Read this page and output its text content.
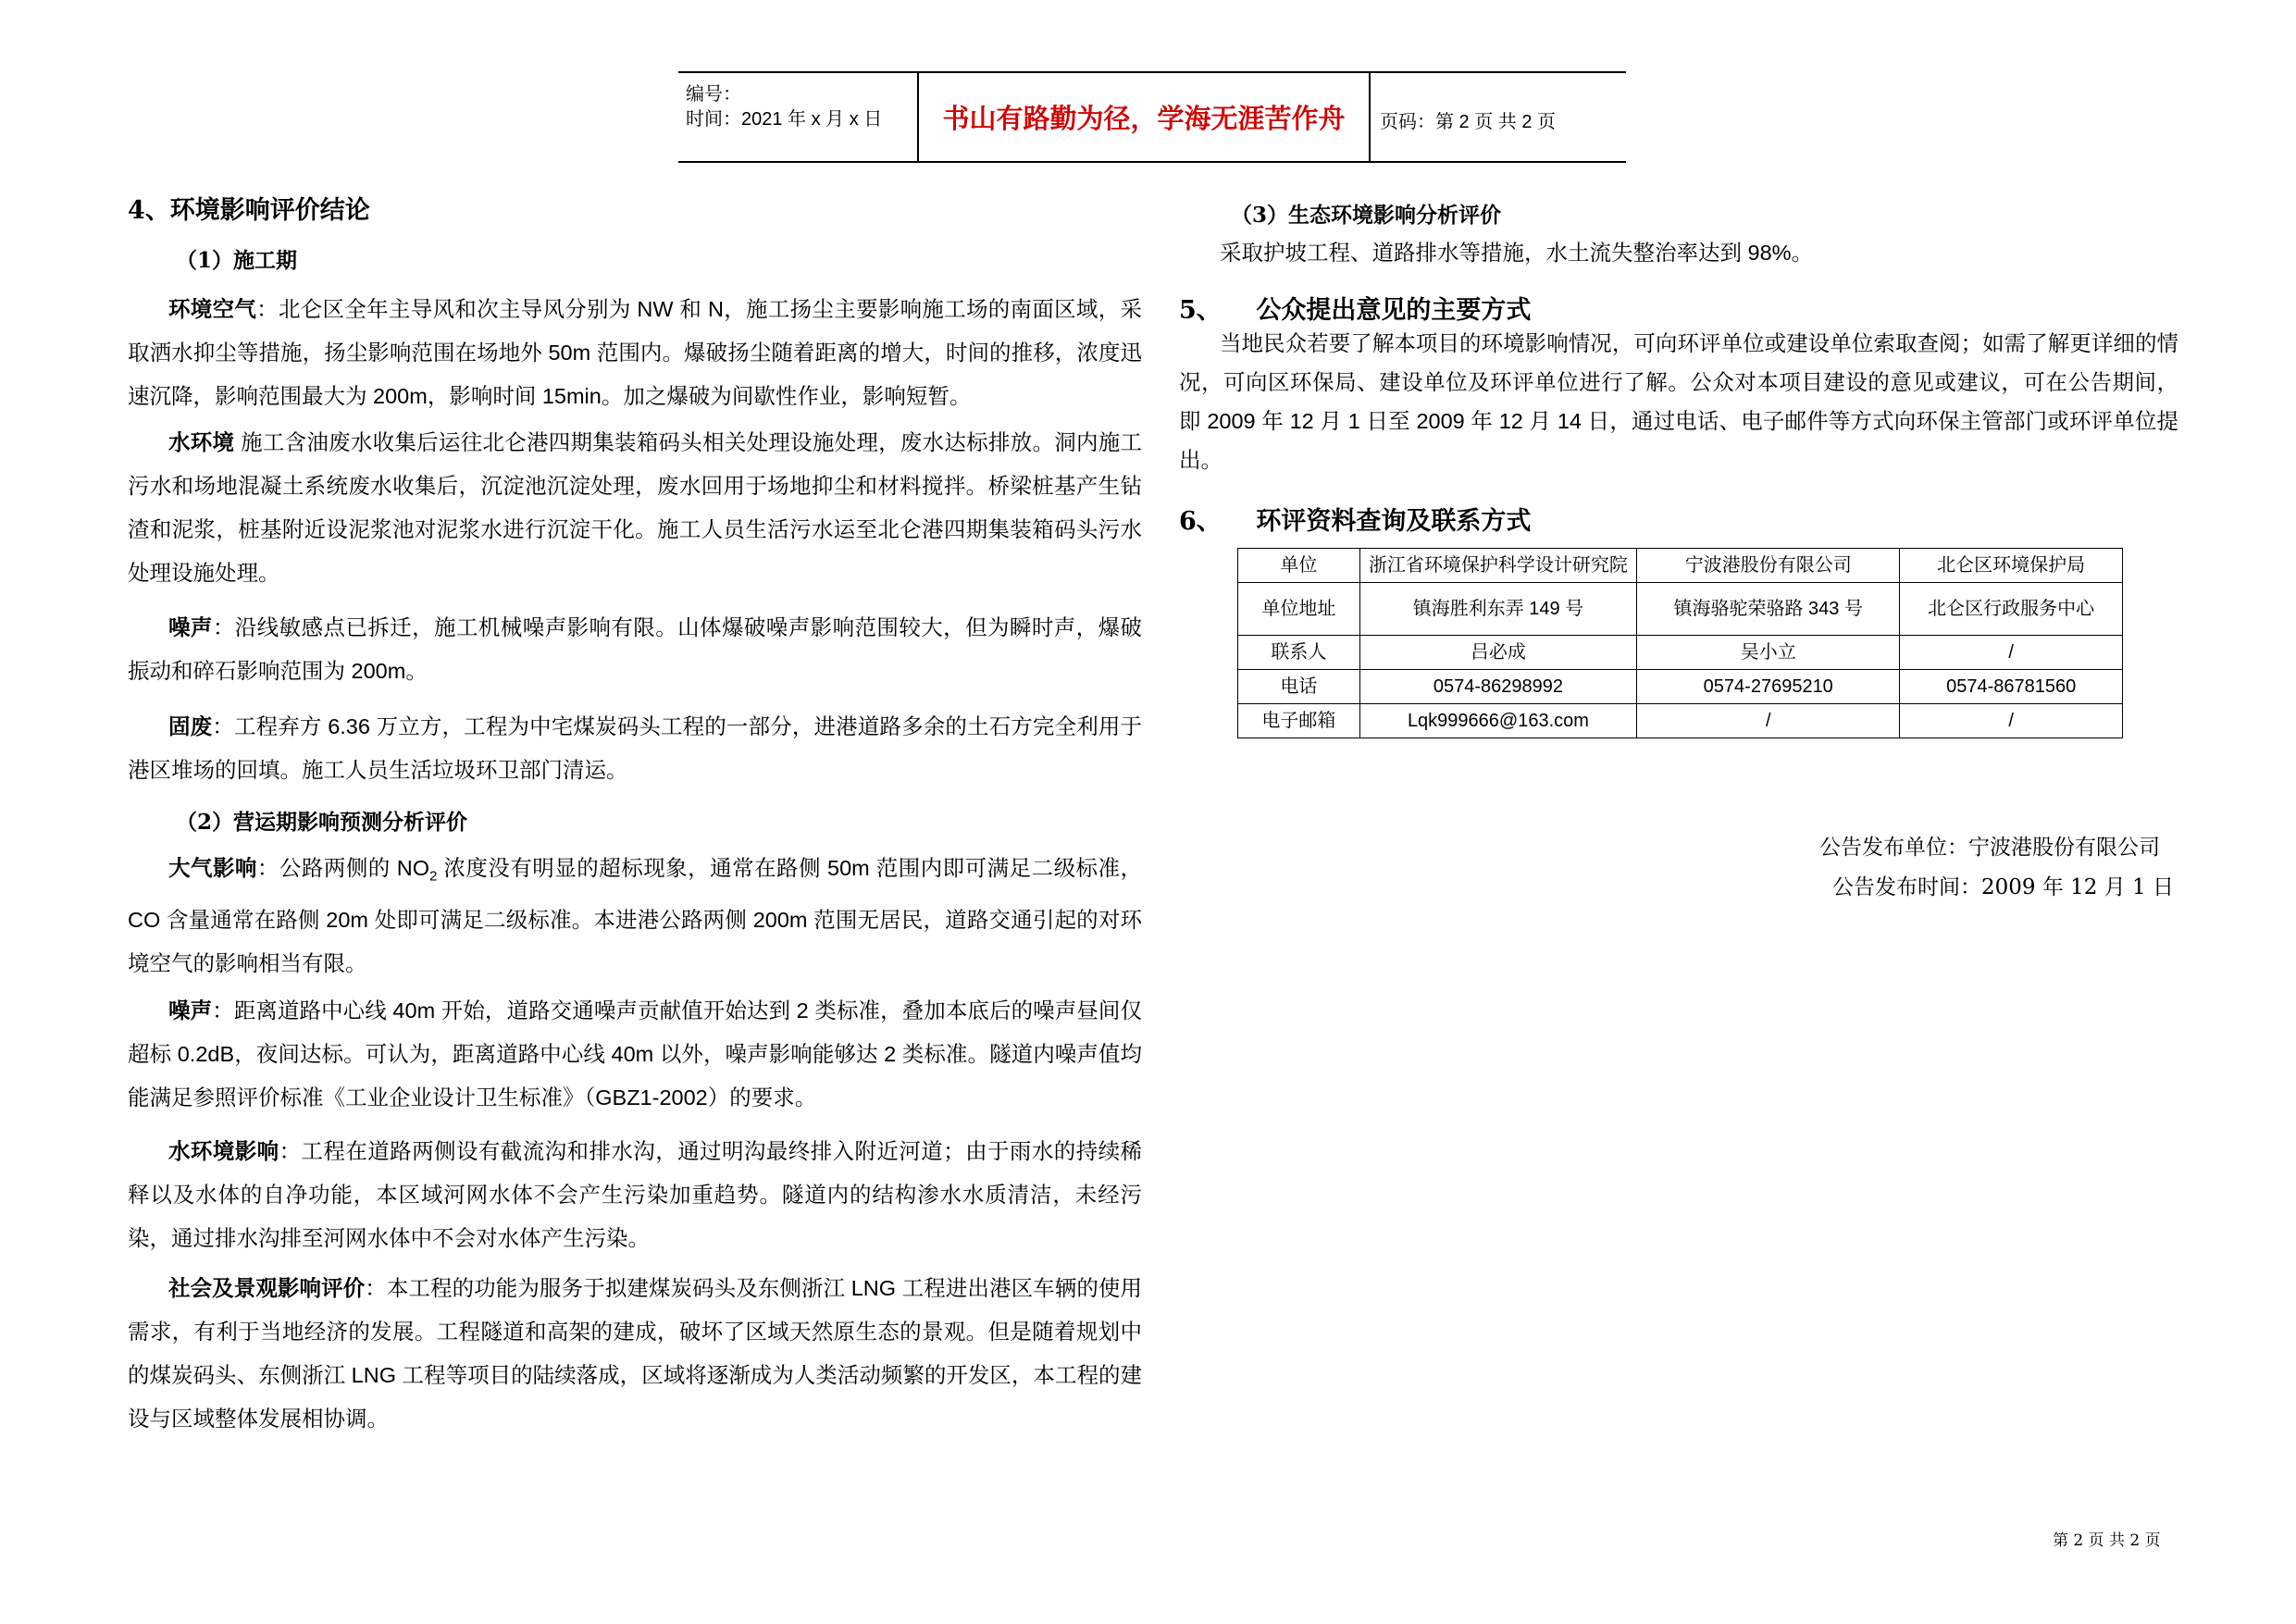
编号：
时间：2021 年 x 月 x 日	书山有路勤为径，学海无涯苦作舟	页码：第 2 页 共 2 页
4、环境影响评价结论
（1）施工期
环境空气：北仑区全年主导风和次主导风分别为 NW 和 N，施工扬尘主要影响施工场的南面区域，采取洒水抑尘等措施，扬尘影响范围在场地外 50m 范围内。爆破扬尘随着距离的增大，时间的推移，浓度迅速沉降，影响范围最大为 200m，影响时间 15min。加之爆破为间歇性作业，影响短暂。
水环境 施工含油废水收集后运往北仑港四期集装箱码头相关处理设施处理，废水达标排放。洞内施工污水和场地混凝土系统废水收集后，沉淀池沉淀处理，废水回用于场地抑尘和材料搅拌。桥梁桩基产生钻渣和泥浆，桩基附近设泥浆池对泥浆水进行沉淀干化。施工人员生活污水运至北仑港四期集装箱码头污水处理设施处理。
噪声：沿线敏感点已拆迁，施工机械噪声影响有限。山体爆破噪声影响范围较大，但为瞬时声，爆破振动和碎石影响范围为 200m。
固废：工程弃方 6.36 万立方，工程为中宅煤炭码头工程的一部分，进港道路多余的土石方完全利用于港区堆场的回填。施工人员生活垃圾环卫部门清运。
（2）营运期影响预测分析评价
大气影响：公路两侧的 $NO_2$ 浓度没有明显的超标现象，通常在路侧 50m 范围内即可满足二级标准，CO 含量通常在路侧 20m 处即可满足二级标准。本进港公路两侧 200m 范围无居民，道路交通引起的对环境空气的影响相当有限。
噪声：距离道路中心线 40m 开始，道路交通噪声贡献值开始达到 2 类标准，叠加本底后的噪声昼间仅超标 0.2dB，夜间达标。可认为，距离道路中心线 40m 以外，噪声影响能够达 2 类标准。隧道内噪声值均能满足参照评价标准《工业企业设计卫生标准》（GBZ1-2002）的要求。
水环境影响：工程在道路两侧设有截流沟和排水沟，通过明沟最终排入附近河道；由于雨水的持续稀释以及水体的自净功能，本区域河网水体不会产生污染加重趋势。隧道内的结构渗水水质清洁，未经污染，通过排水沟排至河网水体中不会对水体产生污染。
社会及景观影响评价：本工程的功能为服务于拟建煤炭码头及东侧浙江 LNG 工程进出港区车辆的使用需求，有利于当地经济的发展。工程隧道和高架的建成，破坏了区域天然原生态的景观。但是随着规划中的煤炭码头、东侧浙江 LNG 工程等项目的陆续落成，区域将逐渐成为人类活动频繁的开发区，本工程的建设与区域整体发展相协调。
（3）生态环境影响分析评价
采取护坡工程、道路排水等措施，水土流失整治率达到 98%。
5、    公众提出意见的主要方式
当地民众若要了解本项目的环境影响情况，可向环评单位或建设单位索取查阅；如需了解更详细的情况，可向区环保局、建设单位及环评单位进行了解。公众对本项目建设的意见或建议，可在公告期间，即 2009 年 12 月 1 日至 2009 年 12 月 14 日，通过电话、电子邮件等方式向环保主管部门或环评单位提出。
6、    环评资料查询及联系方式
单位	浙江省环境保护科学设计研究院	宁波港股份有限公司	北仑区环境保护局
单位地址	镇海胜利东弄 149 号	镇海骆驼荣骆路 343 号	北仑区行政服务中心
联系人	吕必成	吴小立	/
电话	0574-86298992	0574-27695210	0574-86781560
电子邮箱	Lqk999666@163.com	/	/
公告发布单位：宁波港股份有限公司
公告发布时间：2009 年 12 月 1 日
第 2 页 共 2 页
